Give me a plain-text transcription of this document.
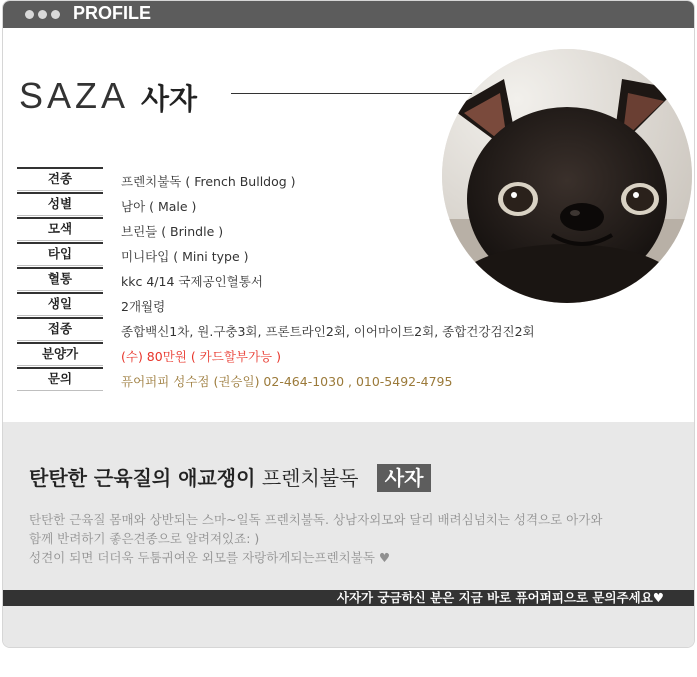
PROFILE
SAZA 사자
견종	프렌치불독 ( French Bulldog )
성별	남아 ( Male )
모색	브린들 ( Brindle )
타입	미니타입 ( Mini type )
혈통	kkc 4/14 국제공인혈통서
생일	2개월령
접종	종합백신1차, 원.구충3회, 프론트라인2회, 이어마이트2회, 종합건강검진2회
분양가	(수) 80만원 ( 카드할부가능 )
문의	퓨어퍼피 성수점 (권승일) 02-464-1030 , 010-5492-4795
탄탄한 근육질의 애교쟁이 프렌치불독 사자
탄탄한 근육질 몸매와 상반되는 스마~일독 프렌치불독. 상남자외모와 달리 배려심넘치는 성격으로 아가와
함께 반려하기 좋은견종으로 알려져있죠: )
성견이 되면 더더욱 두툼귀여운 외모를 자랑하게되는프렌치불독 ♥
사자가 궁금하신 분은 지금 바로 퓨어퍼피으로 문의주세요♥
